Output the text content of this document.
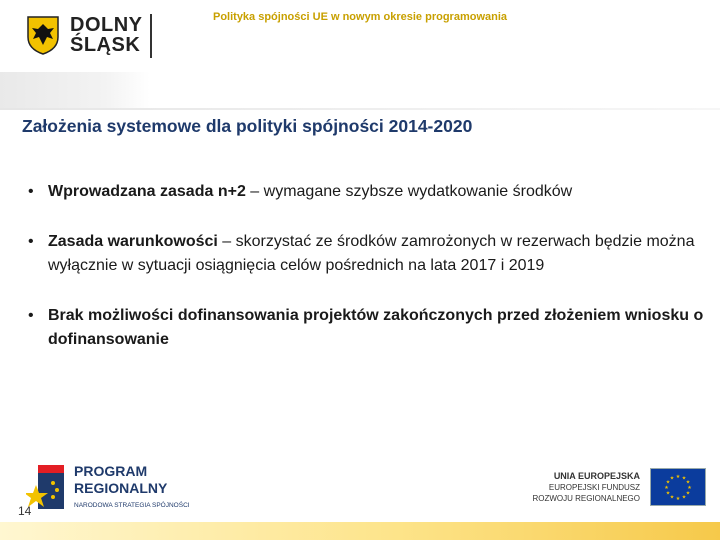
DOLNY
ŚLĄSK
Polityka spójności UE w nowym okresie programowania
Założenia systemowe dla polityki spójności 2014-2020
• Wprowadzana zasada n+2 – wymagane szybsze wydatkowanie środków
• Zasada warunkowości – skorzystać ze środków zamrożonych w rezerwach będzie można wyłącznie w sytuacji osiągnięcia celów pośrednich na lata 2017 i 2019
• Brak możliwości dofinansowania projektów zakończonych przed złożeniem wniosku o dofinansowanie
PROGRAM
REGIONALNY
NARODOWA STRATEGIA SPÓJNOŚCI
UNIA EUROPEJSKA
EUROPEJSKI FUNDUSZ
ROZWOJU REGIONALNEGO
★ ★
★
★
★
★
★
★
★
★
★
★
14
